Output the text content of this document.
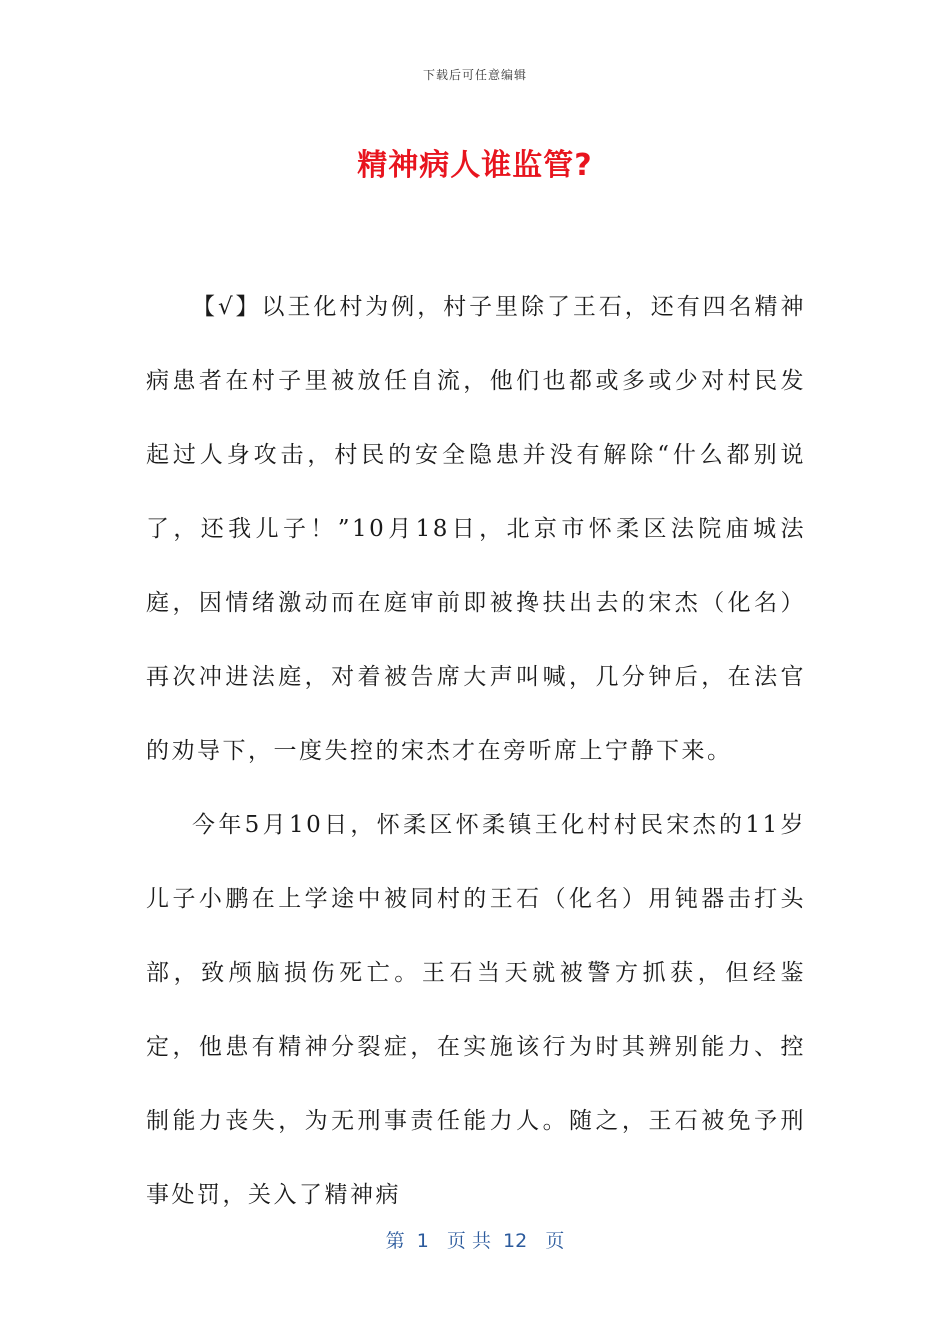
下载后可任意编辑
精神病人谁监管?

【√】以王化村为例，村子里除了王石，还有四名精神病患者在村子里被放任自流，他们也都或多或少对村民发起过人身攻击，村民的安全隐患并没有解除“什么都别说了，还我儿子！”10月18日，北京市怀柔区法院庙城法庭，因情绪激动而在庭审前即被搀扶出去的宋杰（化名）再次冲进法庭，对着被告席大声叫喊，几分钟后，在法官的劝导下，一度失控的宋杰才在旁听席上宁静下来。

今年5月10日，怀柔区怀柔镇王化村村民宋杰的11岁儿子小鹏在上学途中被同村的王石（化名）用钝器击打头部，致颅脑损伤死亡。王石当天就被警方抓获，但经鉴定，他患有精神分裂症，在实施该行为时其辨别能力、控制能力丧失，为无刑事责任能力人。随之，王石被免予刑事处罚，关入了精神病

第  1   页 共  12   页
